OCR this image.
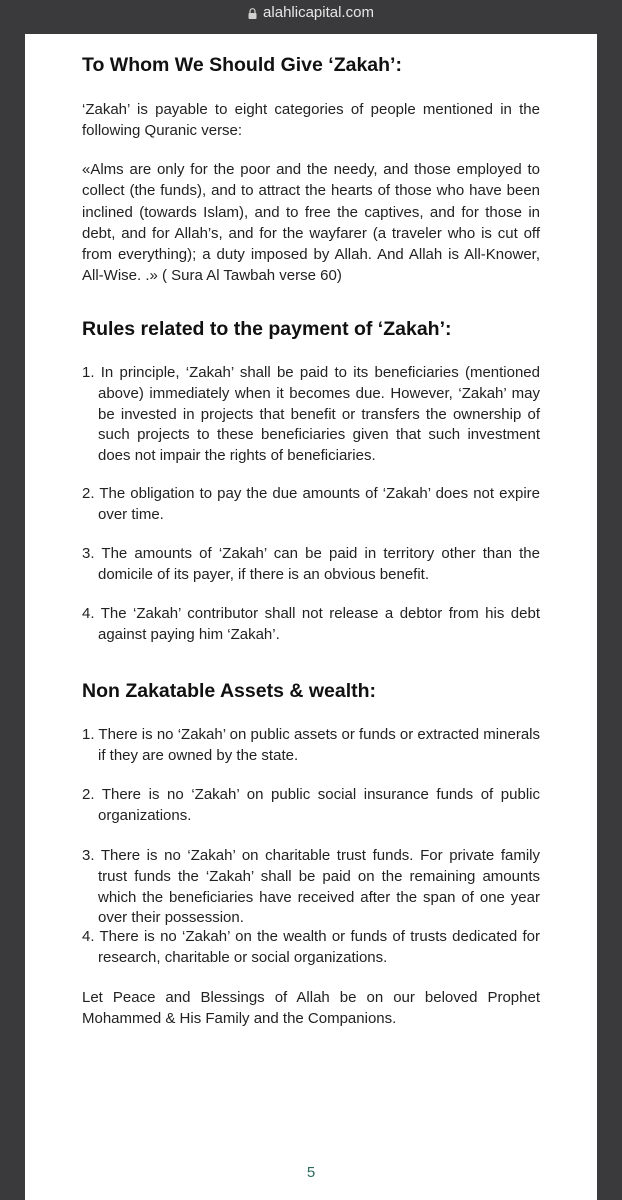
alahlicapital.com
To Whom We Should Give ‘Zakah’:

‘Zakah’ is payable to eight categories of people mentioned in the following Quranic verse:

«Alms are only for the poor and the needy, and those employed to collect (the funds), and to attract the hearts of those who have been inclined (towards Islam), and to free the captives, and for those in debt, and for Allah’s, and for the wayfarer (a traveler who is cut off from everything); a duty imposed by Allah. And Allah is All-Knower, All-Wise. .» ( Sura Al Tawbah verse 60)

Rules related to the payment of ‘Zakah’:

1. In principle, ‘Zakah’ shall be paid to its beneficiaries (mentioned above) immediately when it becomes due. However, ‘Zakah’ may be invested in projects that benefit or transfers the ownership of such projects to these beneficiaries given that such investment does not impair the rights of beneficiaries.

2. The obligation to pay the due amounts of ‘Zakah’ does not expire over time.

3. The amounts of ‘Zakah’ can be paid in territory other than the domicile of its payer, if there is an obvious benefit.

4. The ‘Zakah’ contributor shall not release a debtor from his debt against paying him ‘Zakah’.

Non Zakatable Assets & wealth:

1. There is no ‘Zakah’ on public assets or funds or extracted minerals if they are owned by the state.

2. There is no ‘Zakah’ on public social insurance funds of public organizations.

3. There is no ‘Zakah’ on charitable trust funds. For private family trust funds the ‘Zakah’ shall be paid on the remaining amounts which the beneficiaries have received after the span of one year over their possession.

4. There is no ‘Zakah’ on the wealth or funds of trusts dedicated for research, charitable or social organizations.

Let Peace and Blessings of Allah be on our beloved Prophet Mohammed & His Family and the Companions.

5
